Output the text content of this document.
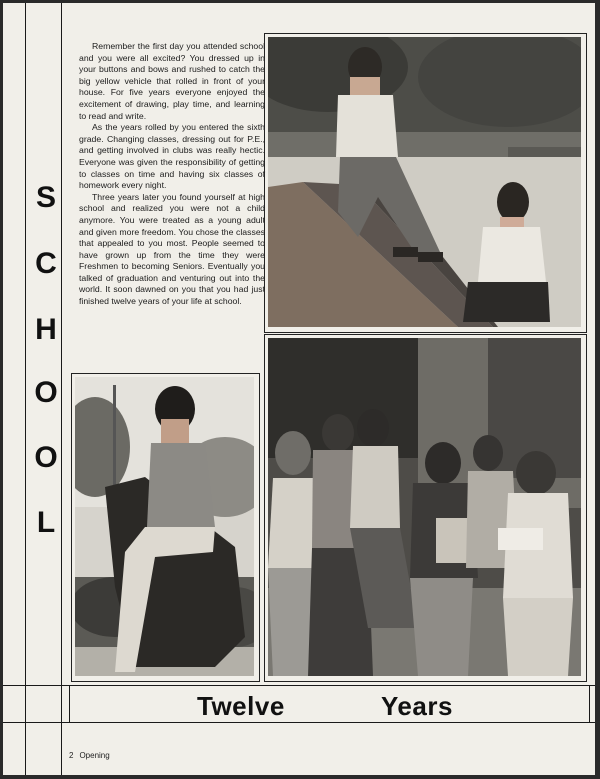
S
C
H
O
O
L

Remember the first day you attended school and you were all excited? You dressed up in your buttons and bows and rushed to catch the big yellow vehicle that rolled in front of your house. For five years everyone enjoyed the excitement of drawing, play time, and learning to read and write.

As the years rolled by you entered the sixth grade. Changing classes, dressing out for P.E., and getting involved in clubs was really hectic. Everyone was given the responsibility of getting to classes on time and having six classes of homework every night.

Three years later you found yourself at high school and realized you were not a child anymore. You were treated as a young adult and given more freedom. You chose the classes that appealed to you most. People seemed to have grown up from the time they were Freshmen to becoming Seniors. Eventually you talked of graduation and venturing out into the world. It soon dawned on you that you had just finished twelve years of your life at school.

Twelve	Years
2 Opening
